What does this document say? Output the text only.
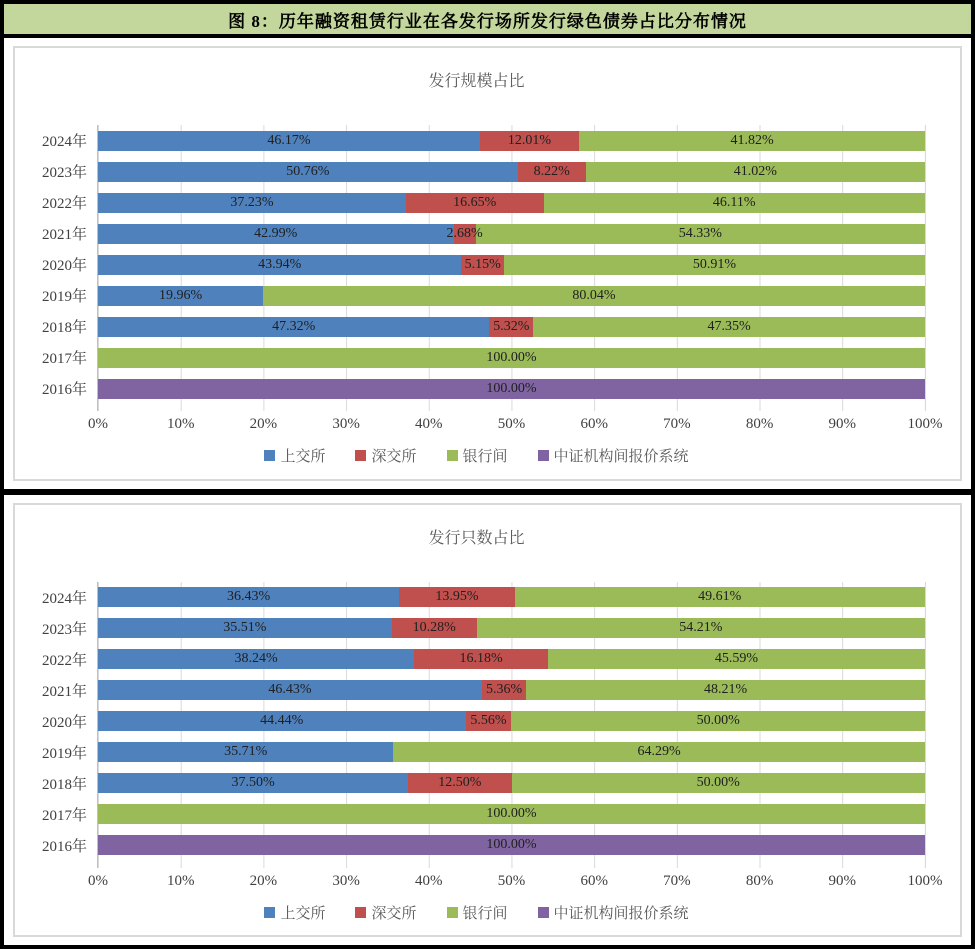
图 8：历年融资租赁行业在各发行场所发行绿色债券占比分布情况
发行规模占比
2024年
2023年
2022年
2021年
2020年
2019年
2018年
2017年
2016年
46.17%	12.01%	41.82%
50.76%	8.22%	41.02%
37.23%	16.65%	46.11%
42.99%	2.68%	54.33%
43.94%	5.15%	50.91%
19.96%	80.04%
47.32%	5.32%	47.35%
100.00%
100.00%
0%	10%	20%	30%	40%	50%	60%	70%	80%	90%	100%
上交所	深交所	银行间	中证机构间报价系统
发行只数占比
2024年
2023年
2022年
2021年
2020年
2019年
2018年
2017年
2016年
36.43%	13.95%	49.61%
35.51%	10.28%	54.21%
38.24%	16.18%	45.59%
46.43%	5.36%	48.21%
44.44%	5.56%	50.00%
35.71%	64.29%
37.50%	12.50%	50.00%
100.00%
100.00%
0%	10%	20%	30%	40%	50%	60%	70%	80%	90%	100%
上交所	深交所	银行间	中证机构间报价系统
